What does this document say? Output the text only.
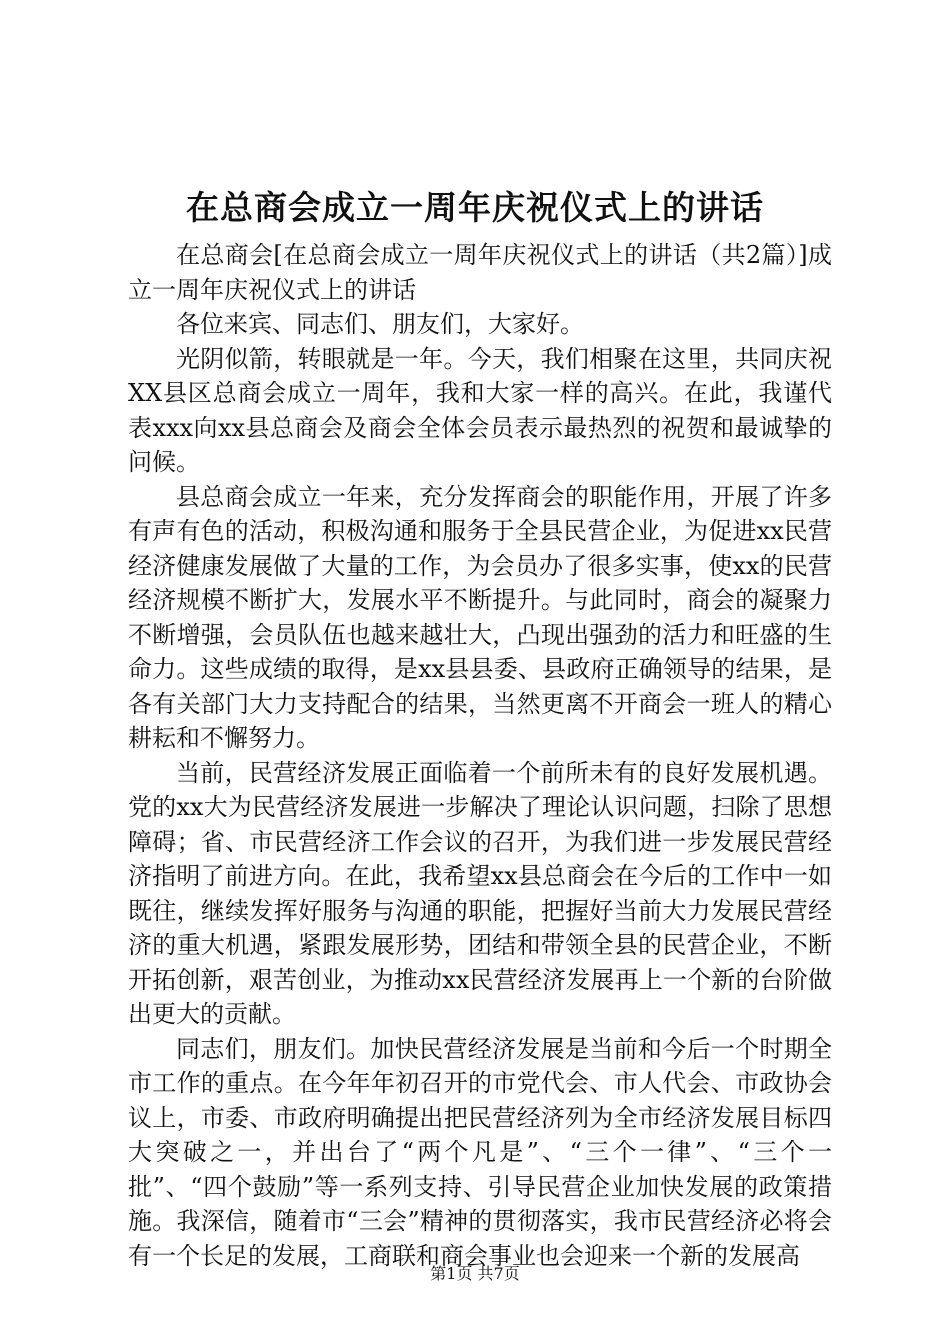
在总商会成立一周年庆祝仪式上的讲话

在总商会[在总商会成立一周年庆祝仪式上的讲话（共2篇）]成立一周年庆祝仪式上的讲话

各位来宾、同志们、朋友们，大家好。

光阴似箭，转眼就是一年。今天，我们相聚在这里，共同庆祝XX县区总商会成立一周年，我和大家一样的高兴。在此，我谨代表xxx向xx县总商会及商会全体会员表示最热烈的祝贺和最诚挚的问候。

县总商会成立一年来，充分发挥商会的职能作用，开展了许多有声有色的活动，积极沟通和服务于全县民营企业，为促进xx民营经济健康发展做了大量的工作，为会员办了很多实事，使xx的民营经济规模不断扩大，发展水平不断提升。与此同时，商会的凝聚力不断增强，会员队伍也越来越壮大，凸现出强劲的活力和旺盛的生命力。这些成绩的取得，是xx县县委、县政府正确领导的结果，是各有关部门大力支持配合的结果，当然更离不开商会一班人的精心耕耘和不懈努力。

当前，民营经济发展正面临着一个前所未有的良好发展机遇。党的xx大为民营经济发展进一步解决了理论认识问题，扫除了思想障碍；省、市民营经济工作会议的召开，为我们进一步发展民营经济指明了前进方向。在此，我希望xx县总商会在今后的工作中一如既往，继续发挥好服务与沟通的职能，把握好当前大力发展民营经济的重大机遇，紧跟发展形势，团结和带领全县的民营企业，不断开拓创新，艰苦创业，为推动xx民营经济发展再上一个新的台阶做出更大的贡献。

同志们，朋友们。加快民营经济发展是当前和今后一个时期全市工作的重点。在今年年初召开的市党代会、市人代会、市政协会议上，市委、市政府明确提出把民营经济列为全市经济发展目标四大突破之一，并出台了“两个凡是”、“三个一律”、“三个一批”、“四个鼓励”等一系列支持、引导民营企业加快发展的政策措施。我深信，随着市“三会”精神的贯彻落实，我市民营经济必将会有一个长足的发展，工商联和商会事业也会迎来一个新的发展高

第1页 共7页
